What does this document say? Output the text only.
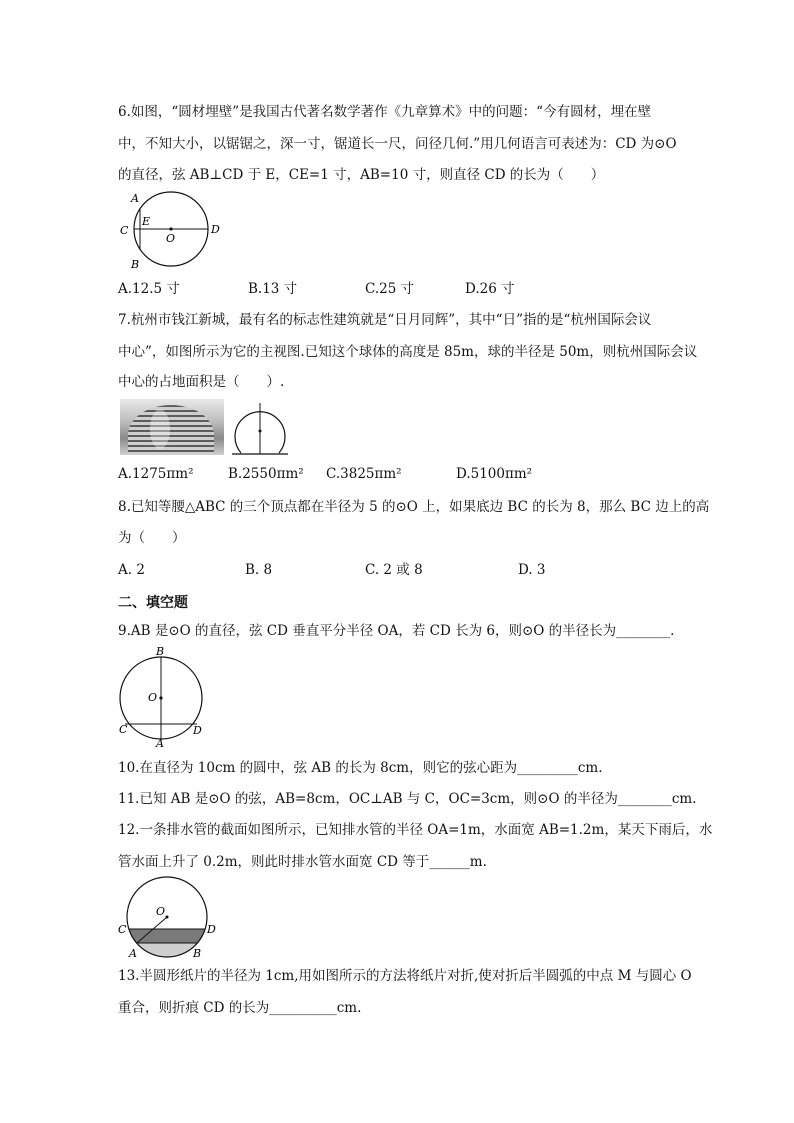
6.如图，“圆材埋壁”是我国古代著名数学著作《九章算术》中的问题：“今有圆材，埋在壁
中，不知大小，以锯锯之，深一寸，锯道长一尺，问径几何.”用几何语言可表述为：CD 为⊙O
的直径，弦 AB⊥CD 于 E，CE=1 寸，AB=10 寸，则直径 CD 的长为（　　）
A
E
C
O
D
B
A.12.5 寸	B.13 寸	C.25 寸	D.26 寸
7.杭州市钱江新城，最有名的标志性建筑就是“日月同辉”，其中“日”指的是“杭州国际会议
中心”，如图所示为它的主视图.已知这个球体的高度是 85m，球的半径是 50m，则杭州国际会议
中心的占地面积是（　　）.
A.1275πm²	B.2550πm² C.3825πm²	D.5100πm²
8.已知等腰△ABC 的三个顶点都在半径为 5 的⊙O 上，如果底边 BC 的长为 8，那么 BC 边上的高
为（　　）
A. 2	B. 8	C. 2 或 8	D. 3
二、填空题
9.AB 是⊙O 的直径，弦 CD 垂直平分半径 OA，若 CD 长为 6，则⊙O 的半径长为________.
B
O
C	D
A
10.在直径为 10cm 的圆中，弦 AB 的长为 8cm，则它的弦心距为_________cm.
11.已知 AB 是⊙O 的弦，AB=8cm，OC⊥AB 与 C，OC=3cm，则⊙O 的半径为________cm.
12.一条排水管的截面如图所示，已知排水管的半径 OA=1m，水面宽 AB=1.2m，某天下雨后，水
管水面上升了 0.2m，则此时排水管水面宽 CD 等于______m.
O
C	D
A	B
13.半圆形纸片的半径为 1cm,用如图所示的方法将纸片对折,使对折后半圆弧的中点 M 与圆心 O
重合，则折痕 CD 的长为__________cm.
